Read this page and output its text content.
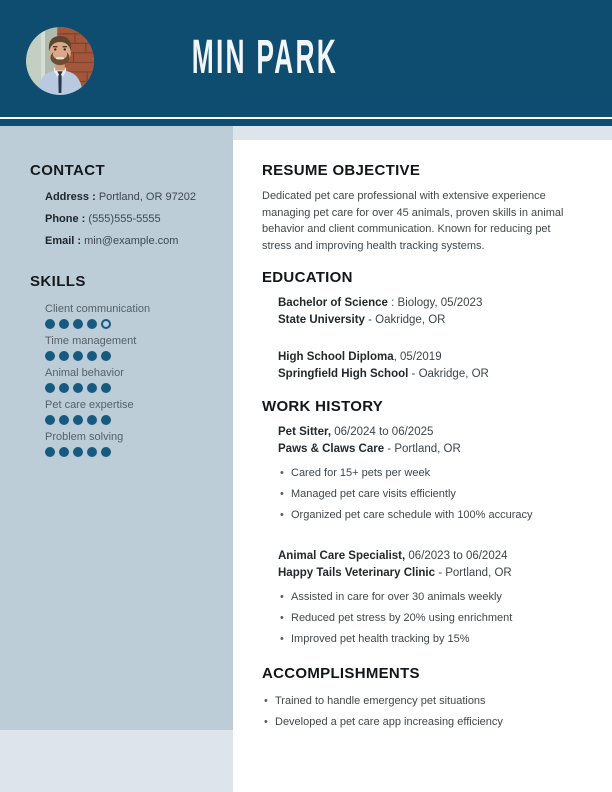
MIN PARK
CONTACT
Address : Portland, OR 97202
Phone : (555)555-5555
Email : min@example.com
SKILLS
Client communication
Time management
Animal behavior
Pet care expertise
Problem solving
RESUME OBJECTIVE

Dedicated pet care professional with extensive experience managing pet care for over 45 animals, proven skills in animal behavior and client communication. Known for reducing pet stress and improving health tracking systems.

EDUCATION
Bachelor of Science : Biology, 05/2023
State University - Oakridge, OR
High School Diploma, 05/2019
Springfield High School - Oakridge, OR
WORK HISTORY
Pet Sitter, 06/2024 to 06/2025
Paws & Claws Care - Portland, OR
• Cared for 15+ pets per week
• Managed pet care visits efficiently
• Organized pet care schedule with 100% accuracy
Animal Care Specialist, 06/2023 to 06/2024
Happy Tails Veterinary Clinic - Portland, OR
• Assisted in care for over 30 animals weekly
• Reduced pet stress by 20% using enrichment
• Improved pet health tracking by 15%
ACCOMPLISHMENTS
• Trained to handle emergency pet situations
• Developed a pet care app increasing efficiency
